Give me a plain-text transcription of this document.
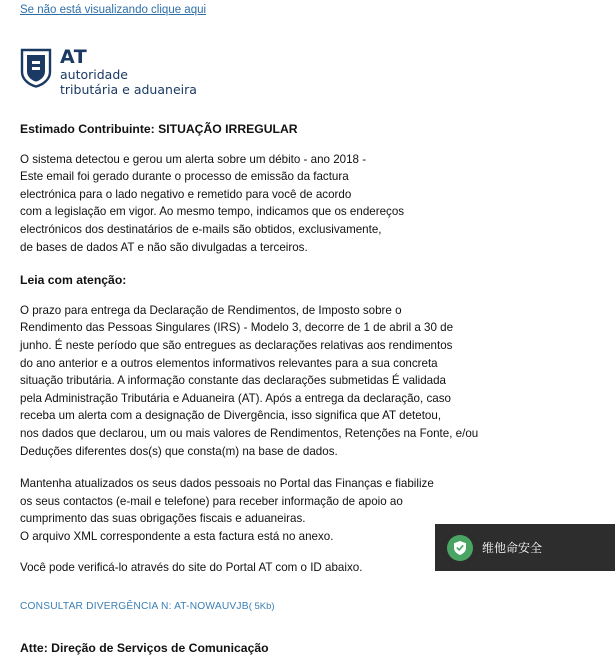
Se não está visualizando clique aqui
AT
autoridade
tributária e aduaneira
Estimado Contribuinte: SITUAÇÃO IRREGULAR

O sistema detectou e gerou um alerta sobre um débito - ano 2018 -

Este email foi gerado durante o processo de emissão da factura

electrónica para o lado negativo e remetido para você de acordo

com a legislação em vigor. Ao mesmo tempo, indicamos que os endereços

electrónicos dos destinatários de e-mails são obtidos, exclusivamente,

de bases de dados AT e não são divulgadas a terceiros.

Leia com atenção:

O prazo para entrega da Declaração de Rendimentos, de Imposto sobre o

Rendimento das Pessoas Singulares (IRS) - Modelo 3, decorre de 1 de abril a 30 de

junho. É neste período que são entregues as declarações relativas aos rendimentos

do ano anterior e a outros elementos informativos relevantes para a sua concreta

situação tributária. A informação constante das declarações submetidas É validada

pela Administração Tributária e Aduaneira (AT). Após a entrega da declaração, caso

receba um alerta com a designação de Divergência, isso significa que AT detetou,

nos dados que declarou, um ou mais valores de Rendimentos, Retenções na Fonte, e/ou

Deduções diferentes dos(s) que consta(m) na base de dados.

Mantenha atualizados os seus dados pessoais no Portal das Finanças e fiabilize

os seus contactos (e-mail e telefone) para receber informação de apoio ao

cumprimento das suas obrigações fiscais e aduaneiras.

O arquivo XML correspondente a esta factura está no anexo.

Você pode verificá-lo através do site do Portal AT com o ID abaixo.

CONSULTAR DIVERGÊNCIA N: AT-NOWAUVJB( 5Kb)
Atte: Direção de Serviços de Comunicação
维他命安全
